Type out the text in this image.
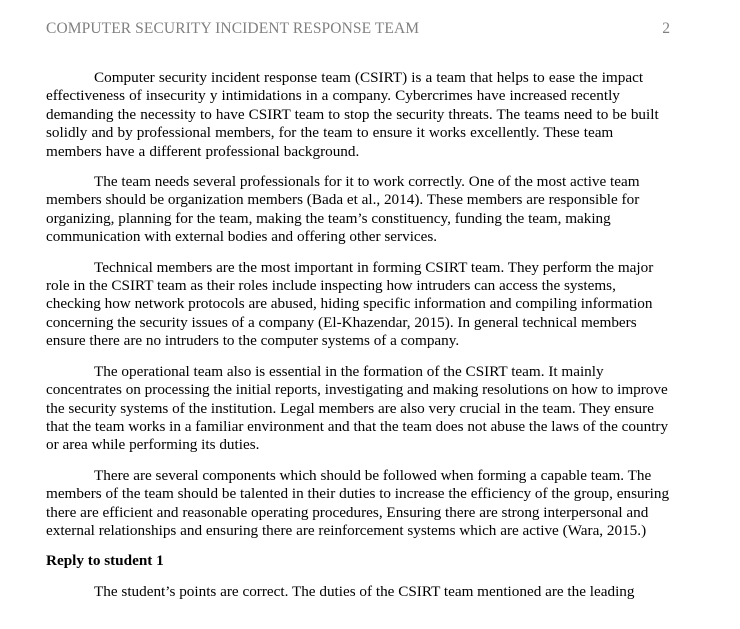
COMPUTER SECURITY INCIDENT RESPONSE TEAM	2

Computer security incident response team (CSIRT) is a team that helps to ease the impact effectiveness of insecurity y intimidations in a company. Cybercrimes have increased recently demanding the necessity to have CSIRT team to stop the security threats. The teams need to be built solidly and by professional members, for the team to ensure it works excellently. These team members have a different professional background.

The team needs several professionals for it to work correctly. One of the most active team members should be organization members (Bada et al., 2014). These members are responsible for organizing, planning for the team, making the team’s constituency, funding the team, making communication with external bodies and offering other services.

Technical members are the most important in forming CSIRT team. They perform the major role in the CSIRT team as their roles include inspecting how intruders can access the systems, checking how network protocols are abused, hiding specific information and compiling information concerning the security issues of a company (El-Khazendar, 2015). In general technical members ensure there are no intruders to the computer systems of a company.

The operational team also is essential in the formation of the CSIRT team. It mainly concentrates on processing the initial reports, investigating and making resolutions on how to improve the security systems of the institution. Legal members are also very crucial in the team. They ensure that the team works in a familiar environment and that the team does not abuse the laws of the country or area while performing its duties.

There are several components which should be followed when forming a capable team. The members of the team should be talented in their duties to increase the efficiency of the group, ensuring there are efficient and reasonable operating procedures, Ensuring there are strong interpersonal and external relationships and ensuring there are reinforcement systems which are active (Wara, 2015.)

Reply to student 1

The student’s points are correct. The duties of the CSIRT team mentioned are the leading
